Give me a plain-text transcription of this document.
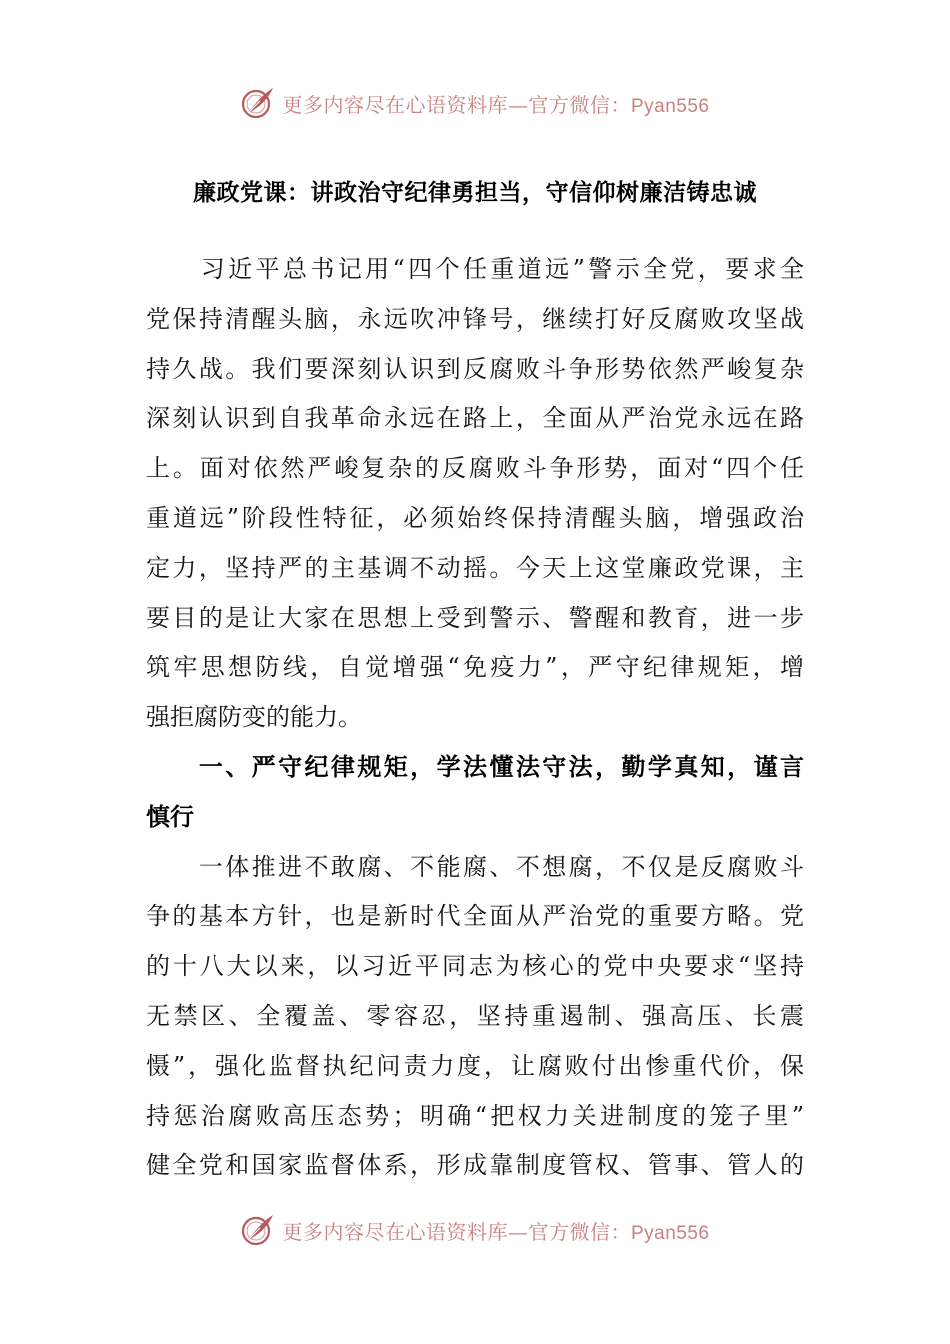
更多内容尽在心语资料库—官方微信：Pyan556
廉政党课：讲政治守纪律勇担当，守信仰树廉洁铸忠诚
　　习近平总书记用“四个任重道远”警示全党，要求全
党保持清醒头脑，永远吹冲锋号，继续打好反腐败攻坚战
持久战。我们要深刻认识到反腐败斗争形势依然严峻复杂
深刻认识到自我革命永远在路上，全面从严治党永远在路
上。面对依然严峻复杂的反腐败斗争形势，面对“四个任
重道远”阶段性特征，必须始终保持清醒头脑，增强政治
定力，坚持严的主基调不动摇。今天上这堂廉政党课，主
要目的是让大家在思想上受到警示、警醒和教育，进一步
筑牢思想防线，自觉增强“免疫力”，严守纪律规矩，增
强拒腐防变的能力。
　　一、严守纪律规矩，学法懂法守法，勤学真知，谨言
慎行
　　一体推进不敢腐、不能腐、不想腐，不仅是反腐败斗
争的基本方针，也是新时代全面从严治党的重要方略。党
的十八大以来，以习近平同志为核心的党中央要求“坚持
无禁区、全覆盖、零容忍，坚持重遏制、强高压、长震
慑”，强化监督执纪问责力度，让腐败付出惨重代价，保
持惩治腐败高压态势；明确“把权力关进制度的笼子里”
健全党和国家监督体系，形成靠制度管权、管事、管人的
更多内容尽在心语资料库—官方微信：Pyan556
